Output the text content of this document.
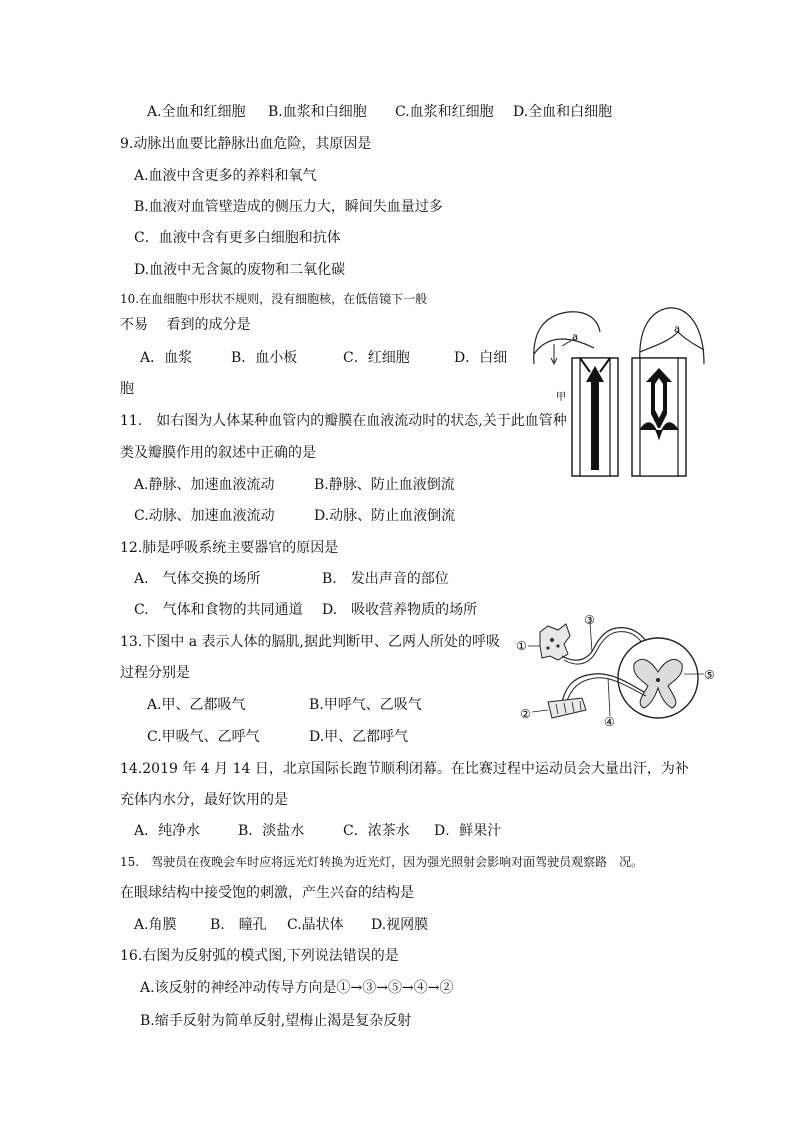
A.全血和红细胞 B.血浆和白细胞 C.血浆和红细胞 D.全血和白细胞
9.动脉出血要比静脉出血危险，其原因是
A.血液中含更多的养料和氧气
B.血液对血管壁造成的侧压力大，瞬间失血量过多
C．血液中含有更多白细胞和抗体
D.血液中无含氮的废物和二氧化碳
10.在血细胞中形状不规则，没有细胞核，在低倍镜下一般
不易　 看到的成分是
A．血浆	B．血小板	C．红细胞	D．白细
胞
11.　如右图为人体某种血管内的瓣膜在血液流动时的状态,关于此血管种
类及瓣膜作用的叙述中正确的是
A.静脉、加速血液流动	B.静脉、防止血液倒流
C.动脉、加速血液流动	D.动脉、防止血液倒流
12.肺是呼吸系统主要器官的原因是
A.　气体交换的场所	B.　发出声音的部位
C.　气体和食物的共同通道 D.　吸收营养物质的场所
13.下图中 a 表示人体的膈肌,据此判断甲、乙两人所处的呼吸
过程分别是
A.甲、乙都吸气	B.甲呼气、乙吸气
C.甲吸气、乙呼气	D.甲、乙都呼气
14.2019 年 4 月 14 日，北京国际长跑节顺利闭幕。在比赛过程中运动员会大量出汗，为补
充体内水分，最好饮用的是
A．纯净水	B．淡盐水	C．浓茶水 D．鲜果汁
15.　驾驶员在夜晚会车时应将远光灯转换为近光灯，因为强光照射会影响对面驾驶员观察路　况。
在眼球结构中接受饱的刺激，产生兴奋的结构是
A.角膜 B.　瞳孔 C.晶状体 D.视网膜
16.右图为反射弧的模式图,下列说法错误的是
A.该反射的神经冲动传导方向是①→③→⑤→④→②
B.缩手反射为简单反射,望梅止渴是复杂反射
a
甲
a
①
③
⑤
④
②
